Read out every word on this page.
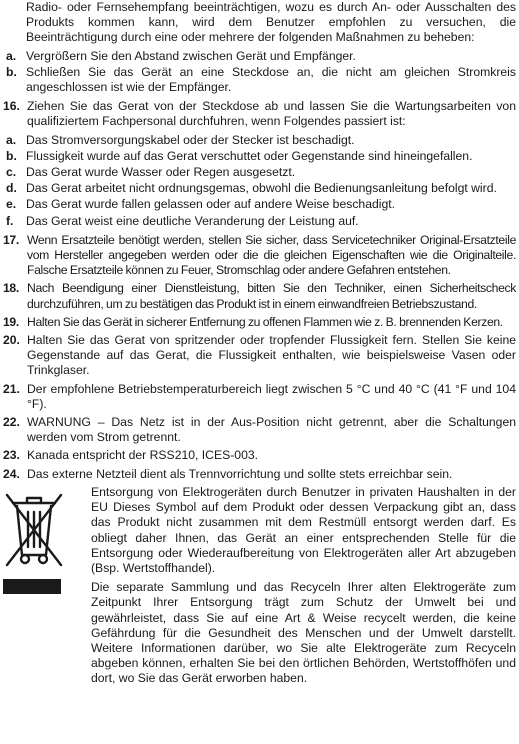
Radio- oder Fernsehempfang beeinträchtigen, wozu es durch An- oder Ausschalten des Produkts kommen kann, wird dem Benutzer empfohlen zu versuchen, die Beeinträchtigung durch eine oder mehrere der folgenden Maßnahmen zu beheben:

a. Vergrößern Sie den Abstand zwischen Gerät und Empfänger.
b. Schließen Sie das Gerät an eine Steckdose an, die nicht am gleichen Stromkreis angeschlossen ist wie der Empfänger.
16. Ziehen Sie das Gerat von der Steckdose ab und lassen Sie die Wartungsarbeiten von qualifiziertem Fachpersonal durchfuhren, wenn Folgendes passiert ist:
a. Das Stromversorgungskabel oder der Stecker ist beschadigt.
b. Flussigkeit wurde auf das Gerat verschuttet oder Gegenstande sind hineingefallen.
c. Das Gerat wurde Wasser oder Regen ausgesetzt.
d. Das Gerat arbeitet nicht ordnungsgemas, obwohl die Bedienungsanleitung befolgt wird.
e. Das Gerat wurde fallen gelassen oder auf andere Weise beschadigt.
f.	Das Gerat weist eine deutliche Veranderung der Leistung auf.
17. Wenn Ersatzteile benötigt werden, stellen Sie sicher, dass Servicetechniker Original-Ersatzteile vom Hersteller angegeben werden oder die die gleichen Eigenschaften wie die Originalteile. Falsche Ersatzteile können zu Feuer, Stromschlag oder andere Gefahren entstehen.
18. Nach Beendigung einer Dienstleistung, bitten Sie den Techniker, einen Sicherheitscheck durchzuführen, um zu bestätigen das Produkt ist in einem einwandfreien Betriebszustand.
19. Halten Sie das Gerät in sicherer Entfernung zu offenen Flammen wie z. B. brennenden Kerzen.
20. Halten Sie das Gerat von spritzender oder tropfender Flussigkeit fern. Stellen Sie keine Gegenstande auf das Gerat, die Flussigkeit enthalten, wie beispielsweise Vasen oder Trinkglaser.
21. Der empfohlene Betriebstemperaturbereich liegt zwischen 5 °C und 40 °C (41 °F und 104 °F).
22. WARNUNG – Das Netz ist in der Aus-Position nicht getrennt, aber die Schaltungen werden vom Strom getrennt.
23. Kanada entspricht der RSS210, ICES-003.
24. Das externe Netzteil dient als Trennvorrichtung und sollte stets erreichbar sein.

Entsorgung von Elektrogeräten durch Benutzer in privaten Haushalten in der EU Dieses Symbol auf dem Produkt oder dessen Verpackung gibt an, dass das Produkt nicht zusammen mit dem Restmüll entsorgt werden darf. Es obliegt daher Ihnen, das Gerät an einer entsprechenden Stelle für die Entsorgung oder Wiederaufbereitung von Elektrogeräten aller Art abzugeben (Bsp. Wertstoffhandel).

Die separate Sammlung und das Recyceln Ihrer alten Elektrogeräte zum Zeitpunkt Ihrer Entsorgung trägt zum Schutz der Umwelt bei und gewährleistet, dass Sie auf eine Art & Weise recycelt werden, die keine Gefährdung für die Gesundheit des Menschen und der Umwelt darstellt. Weitere Informationen darüber, wo Sie alte Elektrogeräte zum Recyceln abgeben können, erhalten Sie bei den örtlichen Behörden, Wertstoffhöfen und dort, wo Sie das Gerät erworben haben.
